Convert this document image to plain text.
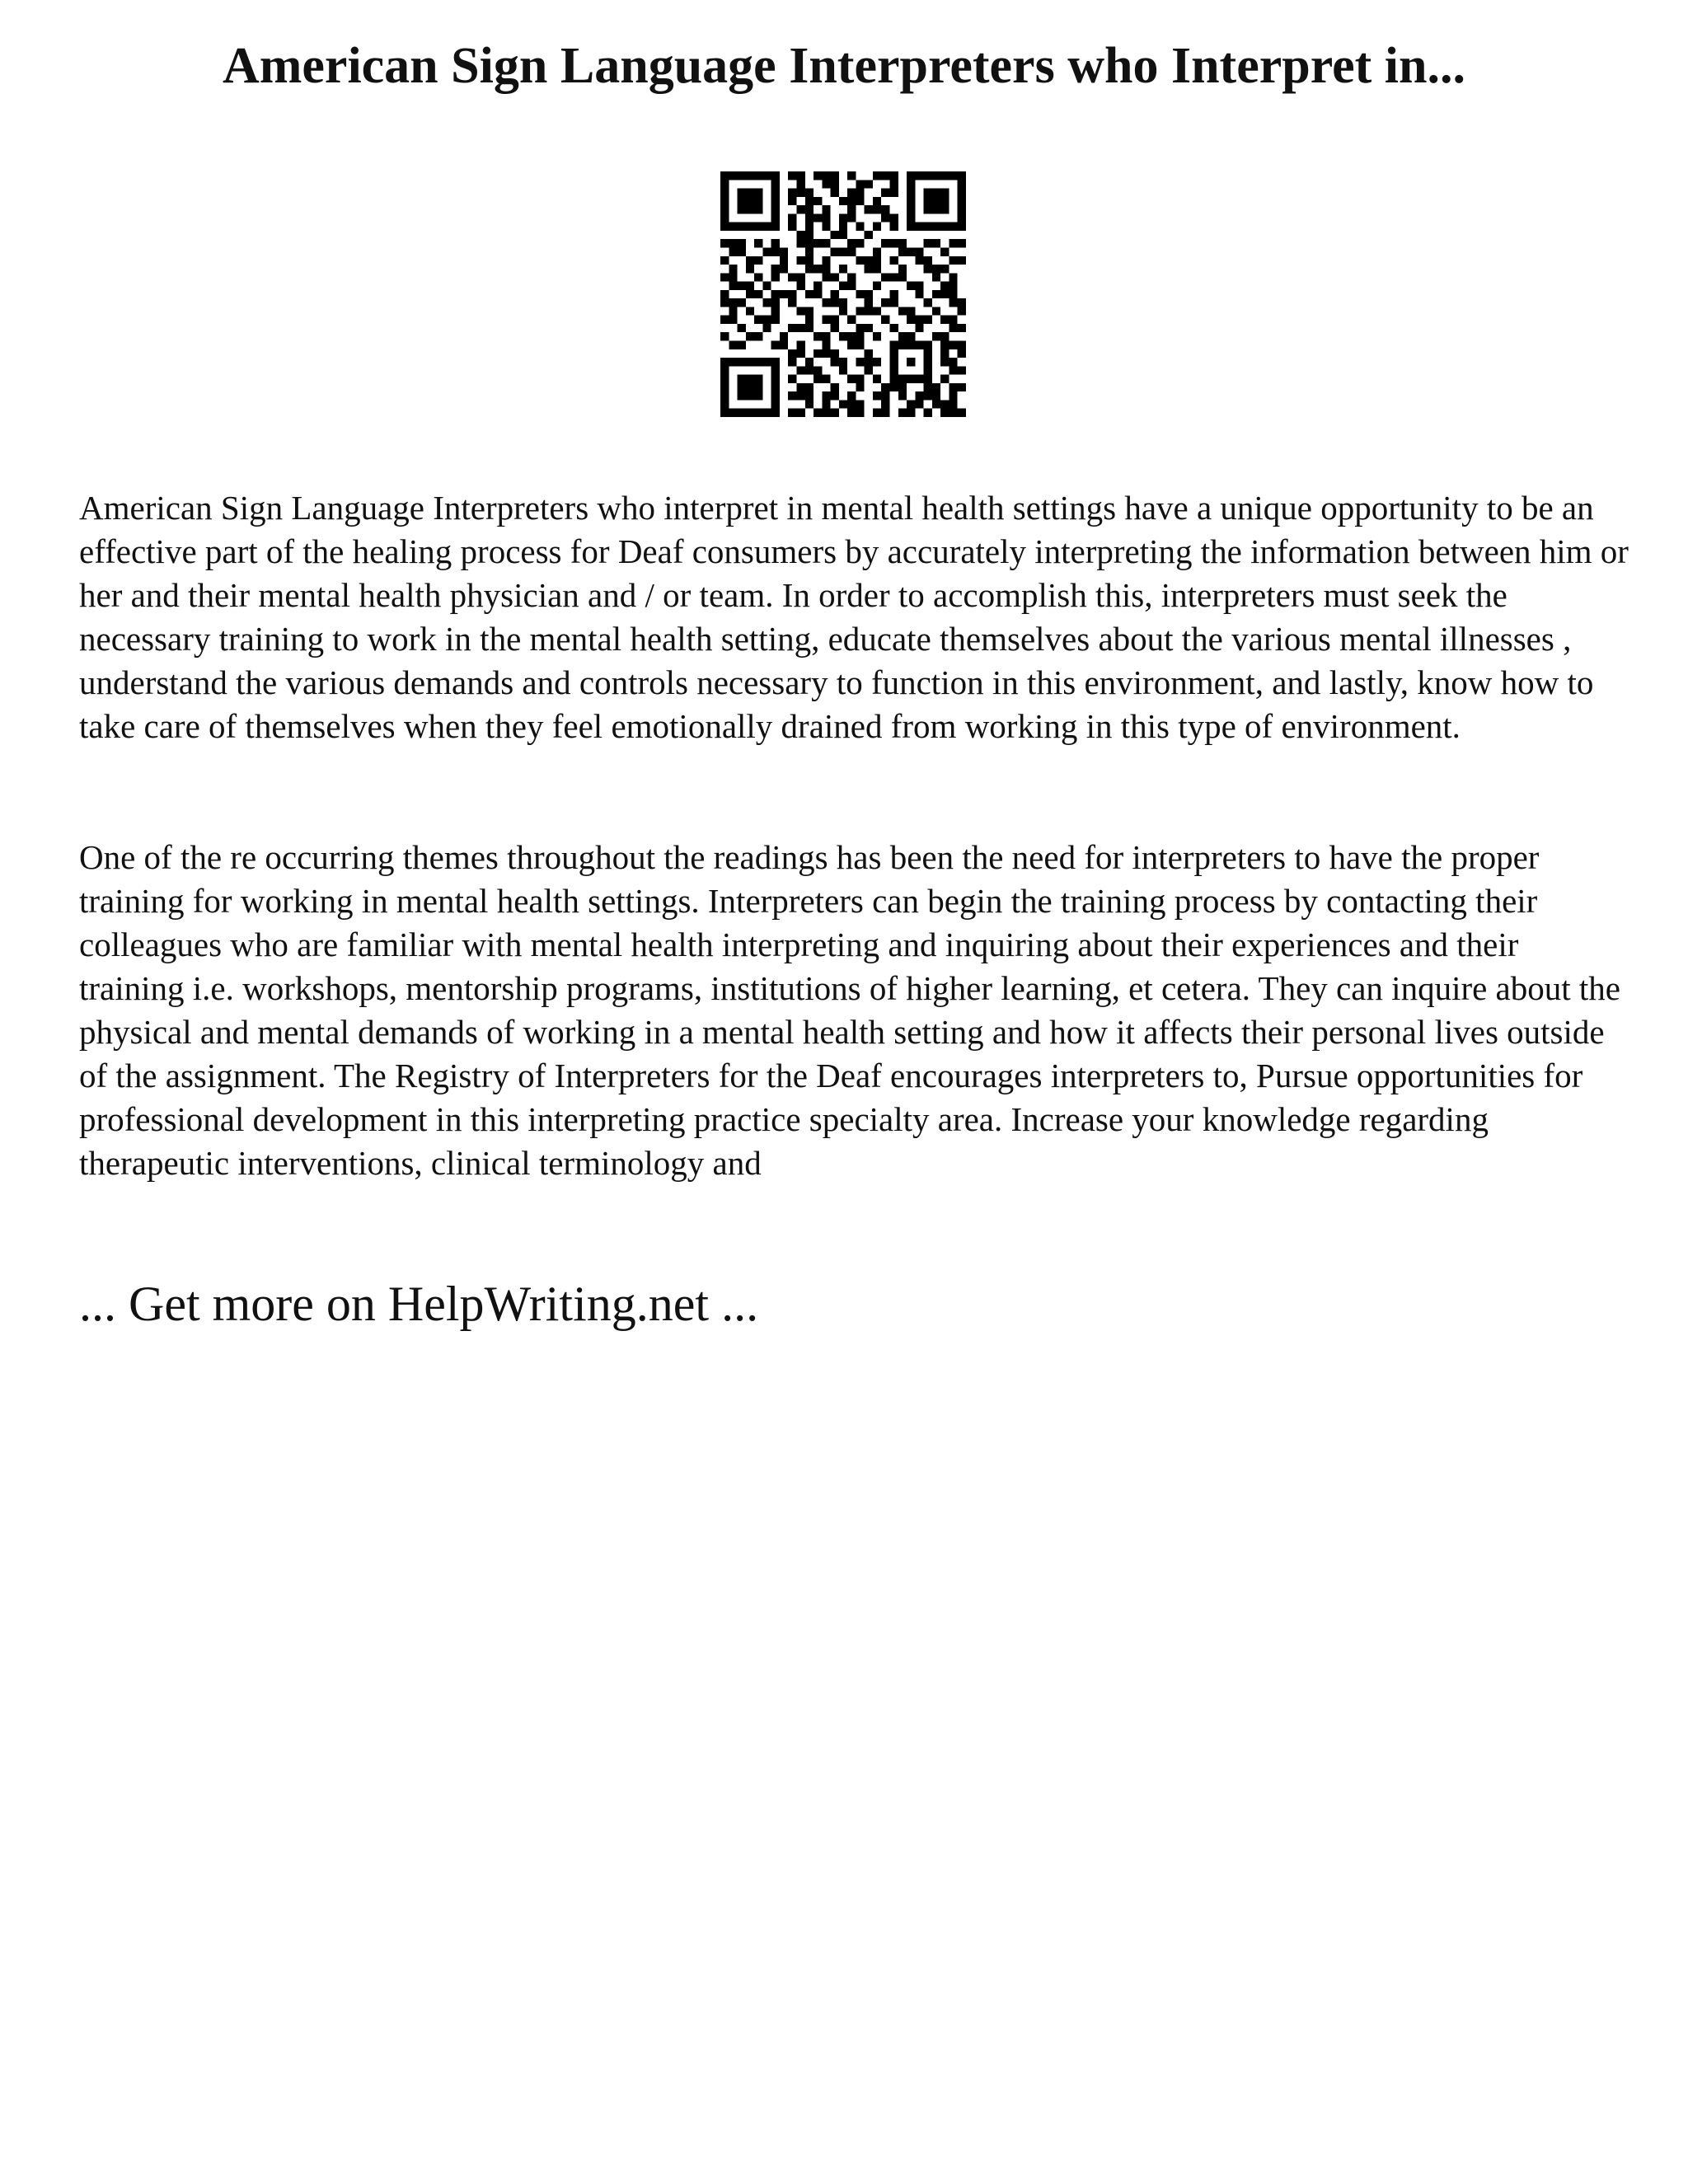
American Sign Language Interpreters who Interpret in...

American Sign Language Interpreters who interpret in mental health settings have a unique opportunity to be an effective part of the healing process for Deaf consumers by accurately interpreting the information between him or her and their mental health physician and / or team. In order to accomplish this, interpreters must seek the necessary training to work in the mental health setting, educate themselves about the various mental illnesses , understand the various demands and controls necessary to function in this environment, and lastly, know how to take care of themselves when they feel emotionally drained from working in this type of environment.

One of the re occurring themes throughout the readings has been the need for interpreters to have the proper training for working in mental health settings. Interpreters can begin the training process by contacting their colleagues who are familiar with mental health interpreting and inquiring about their experiences and their training i.e. workshops, mentorship programs, institutions of higher learning, et cetera. They can inquire about the physical and mental demands of working in a mental health setting and how it affects their personal lives outside of the assignment. The Registry of Interpreters for the Deaf encourages interpreters to, Pursue opportunities for professional development in this interpreting practice specialty area. Increase your knowledge regarding therapeutic interventions, clinical terminology and

... Get more on HelpWriting.net ...
